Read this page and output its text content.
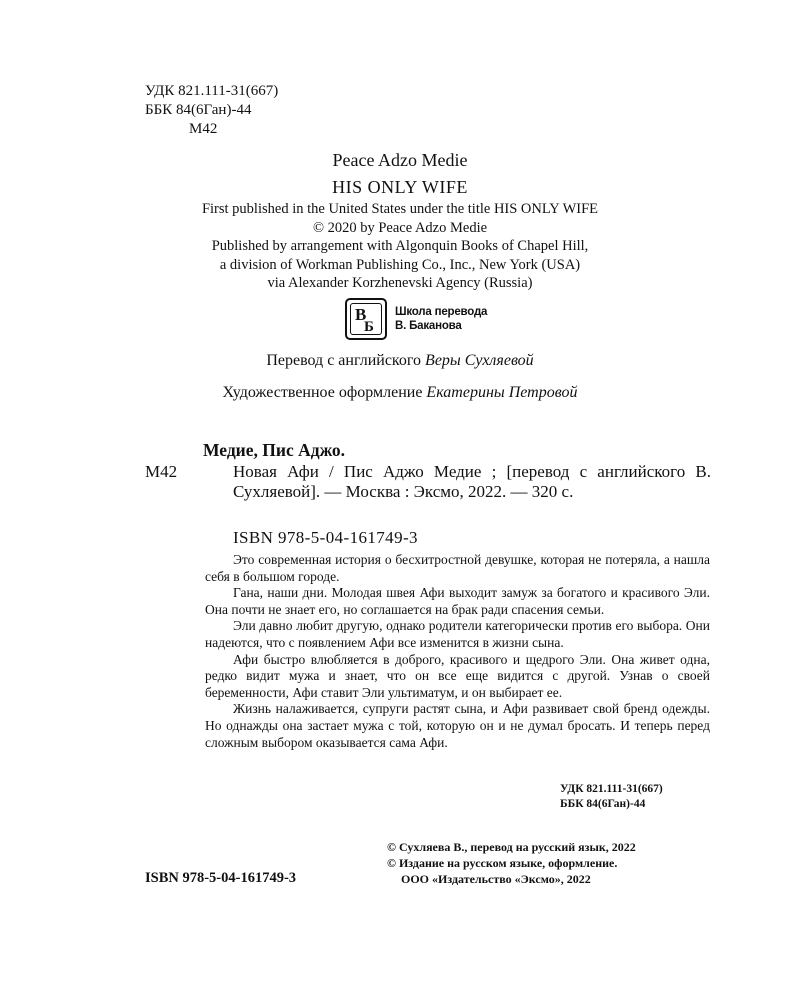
УДК 821.111-31(667)
ББК 84(6Ган)-44
М42
Peace Adzo Medie
HIS ONLY WIFE
First published in the United States under the title HIS ONLY WIFE
© 2020 by Peace Adzo Medie
Published by arrangement with Algonquin Books of Chapel Hill,
a division of Workman Publishing Co., Inc., New York (USA)
via Alexander Korzhenevski Agency (Russia)
В
Б
Школа перевода
В. Баканова
Перевод с английского Веры Сухляевой
Художественное оформление Екатерины Петровой
Медие, Пис Аджо.
М42	Новая Афи / Пис Аджо Медие ; [перевод с английского В. Сухляевой]. — Москва : Эксмо, 2022. — 320 с.
ISBN 978-5-04-161749-3

Это современная история о бесхитростной девушке, которая не потеряла, а нашла себя в большом городе.

Гана, наши дни. Молодая швея Афи выходит замуж за богатого и красивого Эли. Она почти не знает его, но соглашается на брак ради спасения семьи.

Эли давно любит другую, однако родители категорически против его выбора. Они надеются, что с появлением Афи все изменится в жизни сына.

Афи быстро влюбляется в доброго, красивого и щедрого Эли. Она живет одна, редко видит мужа и знает, что он все еще видится с другой. Узнав о своей беременности, Афи ставит Эли ультиматум, и он выбирает ее.

Жизнь налаживается, супруги растят сына, и Афи развивает свой бренд одежды. Но однажды она застает мужа с той, которую он и не думал бросать. И теперь перед сложным выбором оказывается сама Афи.

УДК 821.111-31(667)
ББК 84(6Ган)-44
ISBN 978-5-04-161749-3
© Сухляева В., перевод на русский язык, 2022
© Издание на русском языке, оформление.
ООО «Издательство «Эксмо», 2022
